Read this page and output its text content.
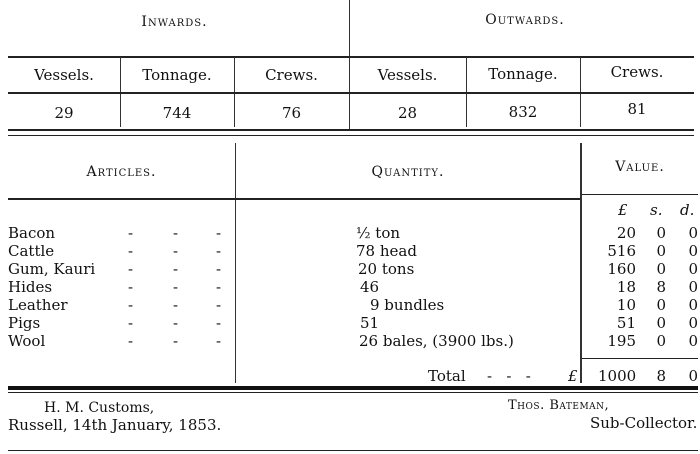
Inwards.	Outwards.
Vessels.	Tonnage.	Crews.	Vessels.	Tonnage.	Crews.
29	744	76	28	832	81
Articles.	Quantity.	Value.
£ s. d.
Bacon	-	-	-	½ ton	20 0 0
Cattle	-	-	-	78 head	516 0 0
Gum, Kauri -	-	-	20 tons	160 0 0
Hides	-	-	-	46	18 8 0
Leather	-	-	-	9 bundles	10 0 0
Pigs	-	-	-	51	51 0 0
Wool	-	-	-	26 bales, (3900 lbs.)	195 0 0
Total -   -   - £ 1000 8 0
H. M. Customs,
Russell, 14th January, 1853.
Thos. Bateman,
Sub-Collector.
